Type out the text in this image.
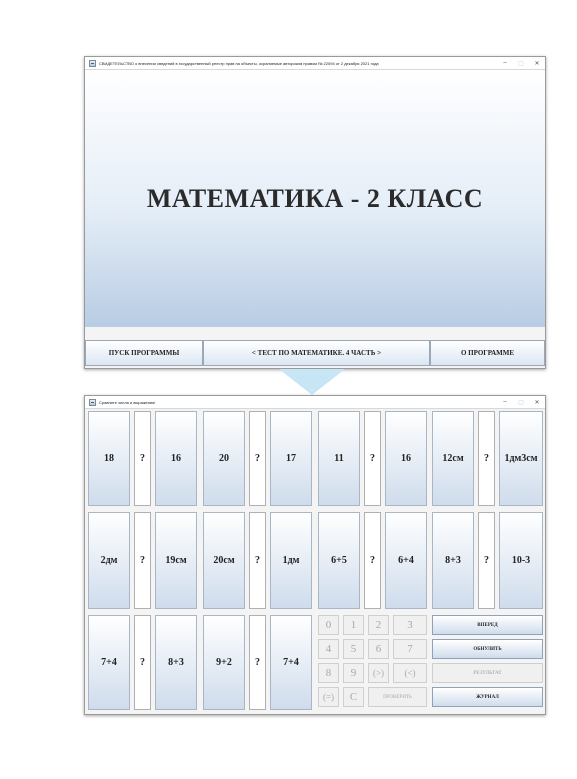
СВИДЕТЕЛЬСТВО о внесении сведений в государственный реестр прав на объекты, охраняемые авторским правом № 22094 от 2 декабря 2021 года	–	▢	✕
МАТЕМАТИКА - 2 КЛАСС
ПУСК ПРОГРАММЫ	< ТЕСТ ПО МАТЕМАТИКЕ. 4 ЧАСТЬ >	О ПРОГРАММЕ
Сравните числа и выражения!	–	▢	✕
18	?	16	20	?	17	11	?	16	12см	?	1дм3см
2дм	?	19см	20см	?	1дм	6+5	?	6+4	8+3	?	10-3
7+4	?	8+3	9+2	?	7+4
0	1	2	3
4	5	6	7
8	9	(>)	(<)
(=)	C	ПРОВЕРИТЬ
ВПЕРЕД
ОБНУЛИТЬ
РЕЗУЛЬТАТ
ЖУРНАЛ
